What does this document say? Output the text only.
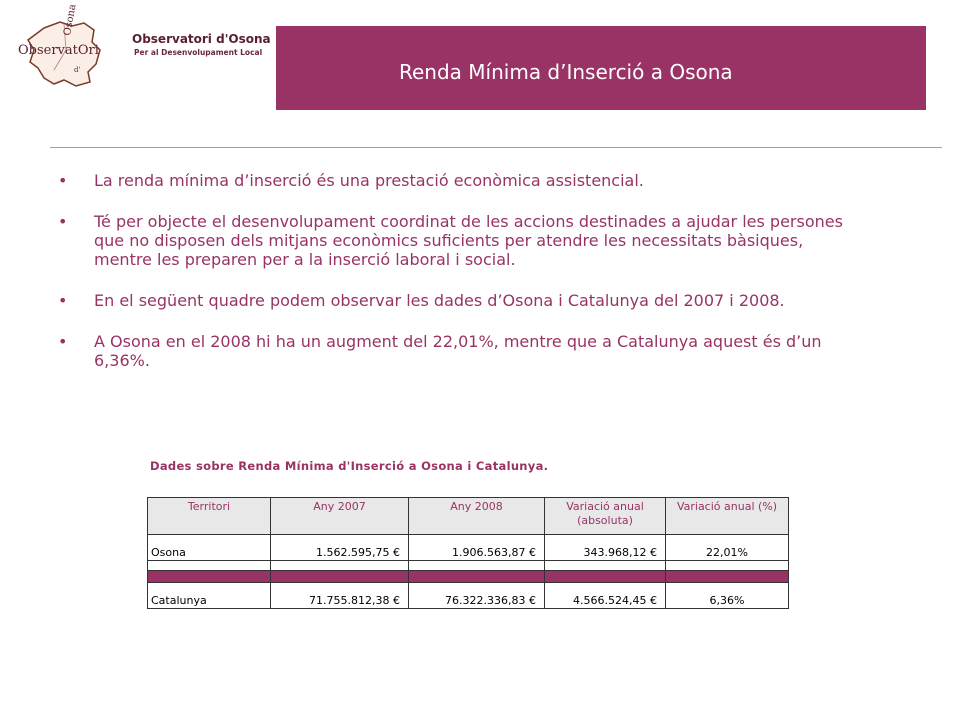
ObservatOri
Osona
d'
Observatori d'Osona
Per al Desenvolupament Local
Renda Mínima d’Inserció a Osona
• La renda mínima d’inserció és una prestació econòmica assistencial.
• Té per objecte el desenvolupament coordinat de les accions destinades a ajudar les persones que no disposen dels mitjans econòmics suficients per atendre les necessitats bàsiques, mentre les preparen per a la inserció laboral i social.
• En el següent quadre podem observar les dades d’Osona i Catalunya del 2007 i 2008.
• A Osona en el 2008 hi ha un augment del 22,01%, mentre que a Catalunya aquest és d’un 6,36%.
Dades sobre Renda Mínima d'Inserció a Osona i Catalunya.
Territori	Any 2007	Any 2008	Variació anual (absoluta)	Variació anual (%)
Osona	1.562.595,75 €	1.906.563,87 €	343.968,12 €	22,01%

Catalunya	71.755.812,38 €	76.322.336,83 €	4.566.524,45 €	6,36%
